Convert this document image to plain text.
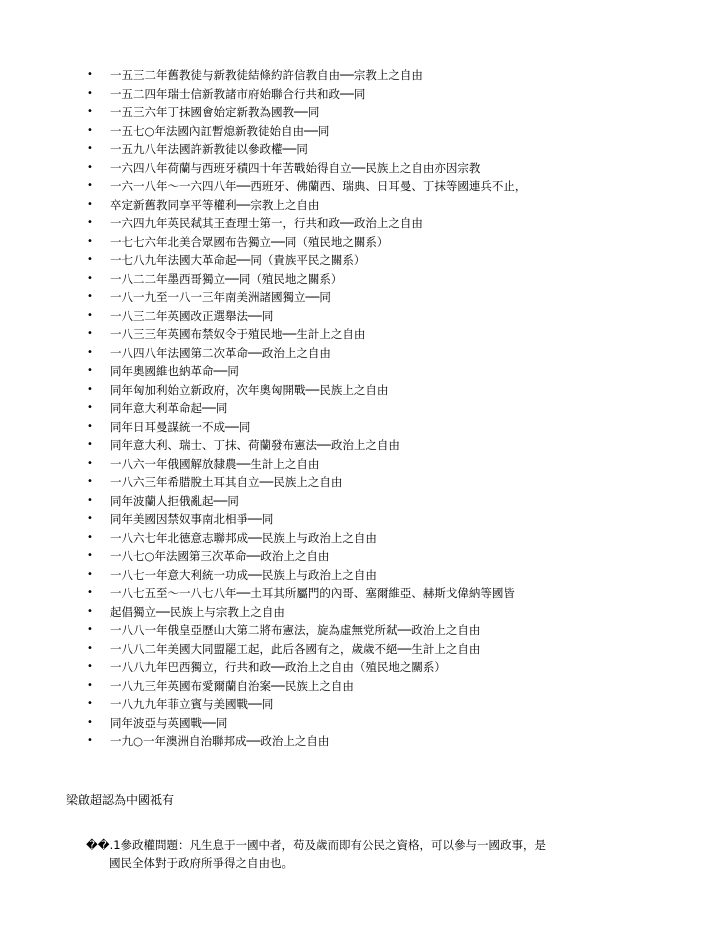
• 一五三二年舊教徒与新教徒結條約許信教自由──宗教上之自由
• 一五二四年瑞士信新教諸市府始聯合行共和政──同
• 一五三六年丁抹國會始定新教為國教──同
• 一五七○年法國內訌暫熄新教徒始自由──同
• 一五九八年法國許新教徒以參政權──同
• 一六四八年荷蘭与西班牙積四十年苦戰始得自立──民族上之自由亦因宗教
• 一六一八年～一六四八年──西班牙、佛蘭西、瑞典、日耳曼、丁抹等國連兵不止，
• 卒定新舊教同享平等權利──宗教上之自由
• 一六四九年英民弒其王查理士第一，行共和政──政治上之自由
• 一七七六年北美合眾國布告獨立──同（殖民地之關系）
• 一七八九年法國大革命起──同（貴族平民之關系）
• 一八二二年墨西哥獨立──同（殖民地之關系）
• 一八一九至一八一三年南美洲諸國獨立──同
• 一八三二年英國改正選舉法──同
• 一八三三年英國布禁奴令于殖民地──生計上之自由
• 一八四八年法國第二次革命──政治上之自由
• 同年奧國維也納革命──同
• 同年匈加利始立新政府，次年奧匈開戰──民族上之自由
• 同年意大利革命起──同
• 同年日耳曼謀統一不成──同
• 同年意大利、瑞士、丁抹、荷蘭發布憲法──政治上之自由
• 一八六一年俄國解放隸農──生計上之自由
• 一八六三年希腊脫土耳其自立──民族上之自由
• 同年波蘭人拒俄亂起──同
• 同年美國因禁奴事南北相爭──同
• 一八六七年北德意志聯邦成──民族上与政治上之自由
• 一八七○年法國第三次革命──政治上之自由
• 一八七一年意大利統一功成──民族上与政治上之自由
• 一八七五至～一八七八年──土耳其所屬門的內哥、塞爾維亞、赫斯戈偉納等國皆
• 起倡獨立──民族上与宗教上之自由
• 一八八一年俄皇亞歷山大第二將布憲法，旋為虛無党所弒──政治上之自由
• 一八八二年美國大同盟罷工起，此后各國有之，歲歲不絕──生計上之自由
• 一八八九年巴西獨立，行共和政──政治上之自由（殖民地之關系）
• 一八九三年英國布愛爾蘭自治案──民族上之自由
• 一八九九年菲立賓与美國戰──同
• 同年波亞与英國戰──同
• 一九○一年澳洲自治聯邦成──政治上之自由
梁啟超認為中國祗有
��.1參政權問題：凡生息于一國中者，苟及歲而即有公民之資格，可以參与一國政事，是
國民全体對于政府所爭得之自由也。
